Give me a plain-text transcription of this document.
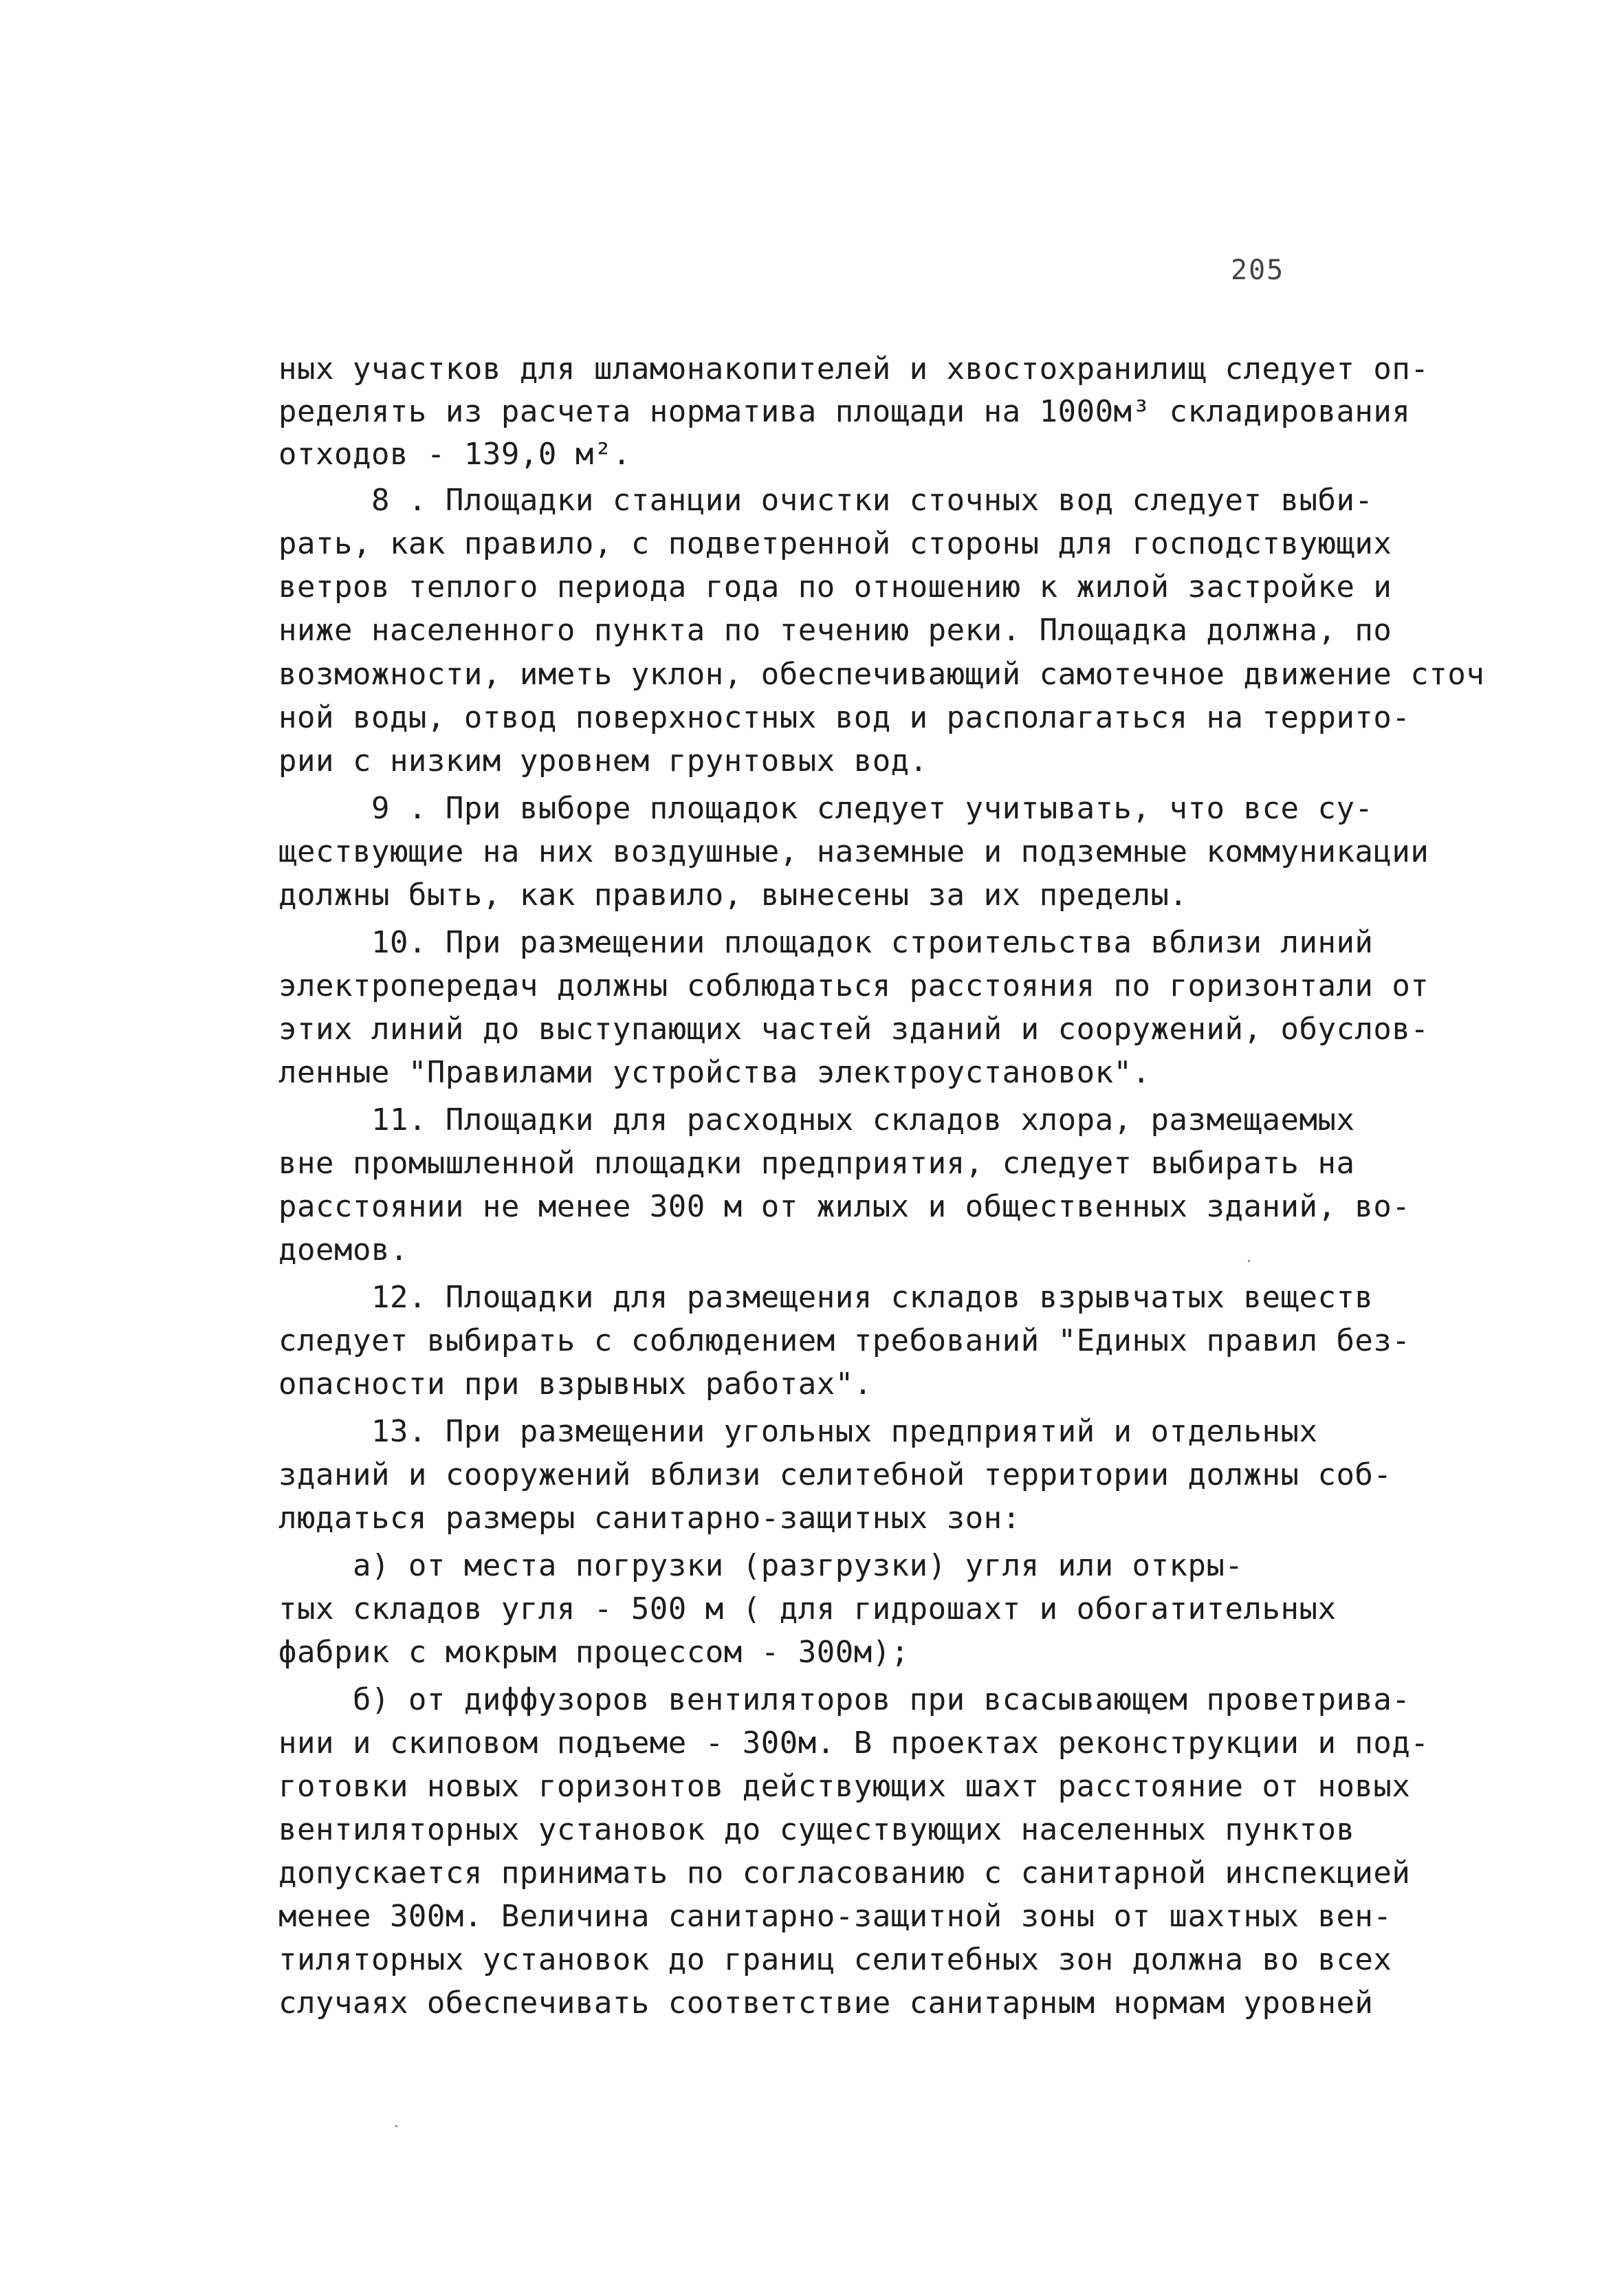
205
ных участков для шламонакопителей и хвостохранилищ следует оп-
ределять из расчета норматива площади на 1000м³ складирования
отходов - 139,0 м².
8 . Площадки станции очистки сточных вод следует выби-
рать, как правило, с подветренной стороны для господствующих
ветров теплого периода года по отношению к жилой застройке и
ниже населенного пункта по течению реки. Площадка должна, по
возможности, иметь уклон, обеспечивающий самотечное движение сточ
ной воды, отвод поверхностных вод и располагаться на террито-
рии с низким уровнем грунтовых вод.
9 . При выборе площадок следует учитывать, что все су-
ществующие на них воздушные, наземные и подземные коммуникации
должны быть, как правило, вынесены за их пределы.
10. При размещении площадок строительства вблизи линий
электропередач должны соблюдаться расстояния по горизонтали от
этих линий до выступающих частей зданий и сооружений, обуслов-
ленные "Правилами устройства электроустановок".
11. Площадки для расходных складов хлора, размещаемых
вне промышленной площадки предприятия, следует выбирать на
расстоянии не менее 300 м от жилых и общественных зданий, во-
доемов.
12. Площадки для размещения складов взрывчатых веществ
следует выбирать с соблюдением требований "Единых правил без-
опасности при взрывных работах".
13. При размещении угольных предприятий и отдельных
зданий и сооружений вблизи селитебной территории должны соб-
людаться размеры санитарно-защитных зон:
а) от места погрузки (разгрузки) угля или откры-
тых складов угля - 500 м ( для гидрошахт и обогатительных
фабрик с мокрым процессом - 300м);
б) от диффузоров вентиляторов при всасывающем проветрива-
нии и скиповом подъеме - 300м. В проектах реконструкции и под-
готовки новых горизонтов действующих шахт расстояние от новых
вентиляторных установок до существующих населенных пунктов
допускается принимать по согласованию с санитарной инспекцией
менее 300м. Величина санитарно-защитной зоны от шахтных вен-
тиляторных установок до границ селитебных зон должна во всех
случаях обеспечивать соответствие санитарным нормам уровней
